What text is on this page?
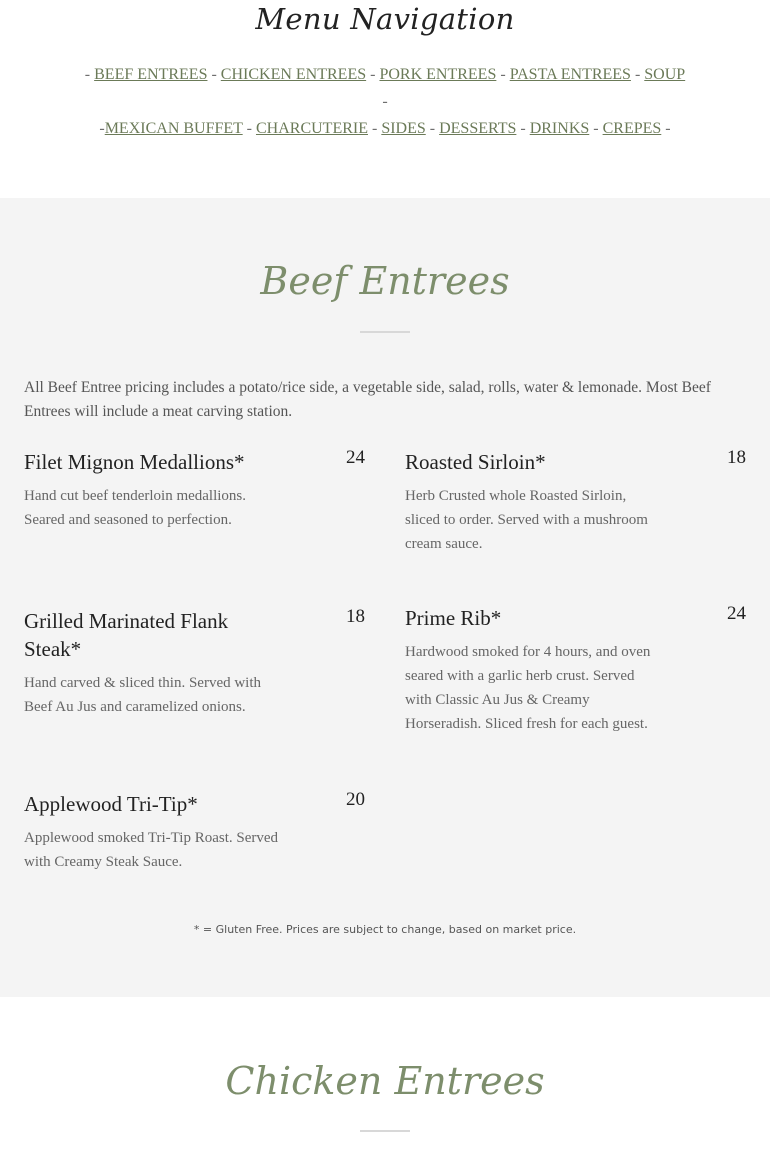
Menu Navigation
- BEEF ENTREES - CHICKEN ENTREES - PORK ENTREES - PASTA ENTREES - SOUP
-
-MEXICAN BUFFET - CHARCUTERIE - SIDES - DESSERTS - DRINKS - CREPES -
Beef Entrees
All Beef Entree pricing includes a potato/rice side, a vegetable side, salad, rolls, water & lemonade. Most Beef Entrees will include a meat carving station.
Filet Mignon Medallions*	24
Hand cut beef tenderloin medallions. Seared and seasoned to perfection.
Roasted Sirloin*	18
Herb Crusted whole Roasted Sirloin, sliced to order. Served with a mushroom cream sauce.
Grilled Marinated Flank Steak*
18
Hand carved & sliced thin. Served with Beef Au Jus and caramelized onions.
Prime Rib*	24
Hardwood smoked for 4 hours, and oven seared with a garlic herb crust. Served with Classic Au Jus & Creamy Horseradish. Sliced fresh for each guest.
Applewood Tri-Tip*	20
Applewood smoked Tri-Tip Roast. Served with Creamy Steak Sauce.
* = Gluten Free. Prices are subject to change, based on market price.
Chicken Entrees
